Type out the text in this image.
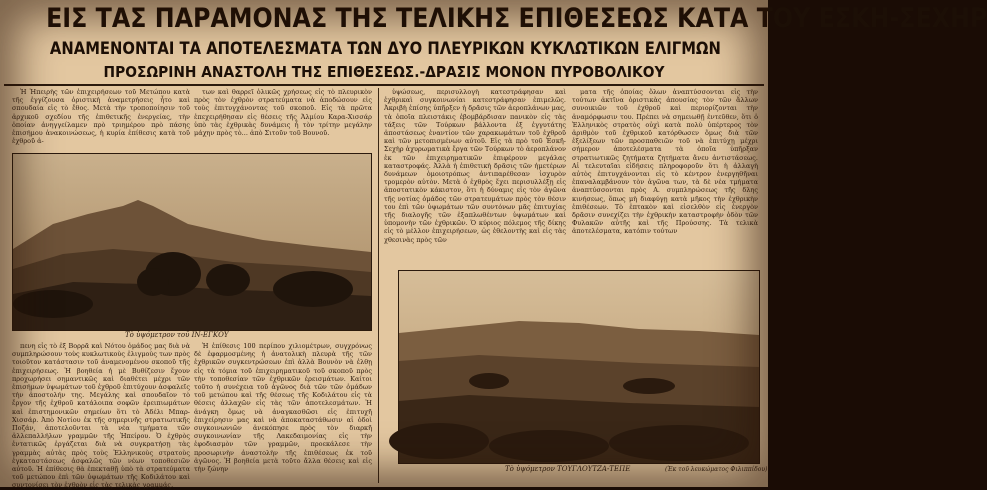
ΕΙΣ ΤΑΣ ΠΑΡΑΜΟΝΑΣ ΤΗΣ ΤΕΛΙΚΗΣ ΕΠΙΘΕΣΕΩΣ ΚΑΤΑ ΤΟΥ ΕΣΚΗ-ΣΕΧΗΡ
ΑΝΑΜΕΝΟΝΤΑΙ ΤΑ ΑΠΟΤΕΛΕΣΜΑΤΑ ΤΩΝ ΔΥΟ ΠΛΕΥΡΙΚΩΝ ΚΥΚΛΩΤΙΚΩΝ ΕΛΙΓΜΩΝ
ΠΡΟΣΩΡΙΝΗ ΑΝΑΣΤΟΛΗ ΤΗΣ ΕΠΙΘΕΣΕΩΣ.-ΔΡΑΣΙΣ ΜΟΝΟΝ ΠΥΡΟΒΟΛΙΚΟΥ

Ἡ Ἠπειρὴς τῶν ἐπιχειρήσεων τοῦ Μετώπου κατὰ τῆς ἐγγίζουσα ὁριστικὴ ἀναμετρήσεις ἦτο καὶ σπουδαία εἰς τὸ ἔθος. Μετὰ τὴν τροποποίησιν τοῦ ἀρχικοῦ σχεδίου τῆς ἐπιθετικῆς ἐνεργείας, τὴν ὁποίαν ἀνηγγείλαμεν πρὸ τριημέρου πρὸ πάσης ἐπισήμου ἀνακοινώσεως, ἡ κυρία ἐπίθεσις κατὰ τοῦ ἐχθροῦ ἀ-

των καὶ θαρρεῖ ὁλικῶς χρήσεως εἰς τὸ πλευρικὸν πρὸς τὸν ἐχθρὸν στρατεύματα νὰ ἀποδώσουν εἰς τοὺς ἐπιτυγχάνοντας τοῦ σκοποῦ. Εἰς τὰ πρῶτα ἐπεχειρήθησαν εἰς θέσεις τῆς Ἀλμίου Καρα-Χισσάρ ὑπὸ τὰς ἐχθρικὰς δυνάμεις ἦ τὸν τρίτην μεγάλην μάχην πρὸς τὸ... ἀπὸ Σιτοῦν τοῦ Βουνοῦ.

Τὸ ὑψόμετρον τοῦ ΙΝ-ΕΓΚΟΥ

πενη εἰς τὸ ἐξ Βορρᾶ καὶ Νότου ὁμάδος μας διὰ νὰ συμπληρώσουν τοὺς κυκλωτικοὺς ἐλιγμοὺς των πρὸς τοιοῦτον κατάστασιν τοῦ ἀναμενομένου σκοποῦ τῆς ἐπιχειρήσεως. Ἡ βοηθεία ἡ μὲ Βυθίζεσιν ἔχουν προχωρήσει σημαντικῶς καὶ διαθέτει μέχρι τῶν ἐπισήμων ὑψωμάτων τοῦ ἐχθροῦ ἐπιτύχουν ἀσφαλεῖς τὴν ἀποστολήν της. Μεγάλης καὶ σπουδαῖον τὸ ἔργον τῆς ἐχθροῦ κατάλοιπα σοφῶν ἐρειπιωμάτων καὶ ἐπιστημονικῶν σημείων ὅτι τὸ Ἀδέλι Μπαρ-Χισσάρ. Ἀπὸ Νοτίου ἐκ τῆς σημερινῆς στρατιωτικῆς Ποζάν, ἀποτελοῦνται τὰ νέα τμήματα τῶν ἀλλεπαλλήλων γραμμῶν τῆς Ἠπείρου. Ὁ ἐχθρὸς ἐντατικῶς ἐργάζεται διὰ νὰ συγκρατήσῃ τὰς γραμμὰς αὐτὰς πρὸς τοὺς Ἑλληνικοὺς στρατοὺς ἐγκαταστάσεως ἀσφαλῶς τῶν νέων τοποθεσιῶν αὐτοῦ. Ἡ ἐπίθεσις θὰ ἐπεκταθῇ ὑπὸ τὰ στρατεύματα τοῦ μετώπου ἐπὶ τῶν ὑψωμάτων τῆς Κοδιλάτου καὶ συντονίσει τὸν ἐχθρὸν εἰς τὰς τελικὰς γραμμάς.

Ἡ ἐπίθεσις 100 περίπου χιλιομέτρων, συγχρόνως δὲ ἐφαρμοσμένης ἡ ἀνατολικὴ πλευρὰ τῆς τῶν ἐχθρικῶν συγκεντρώσεων ἐπὶ ἀλλὰ Βουνὸν νὰ ἐλθῃ εἰς τὰ τόμια τοῦ ἐπιχειρηματικοῦ τοῦ σκοποῦ πρὸς τὴν τοποθεσίαν τῶν ἐχθρικῶν ἐρεισμάτων. Καίτοι τοῦτο ἡ συνέχεια τοῦ ἀγῶνος διὰ τῶν τῶν ὁμάδων τοῦ μετώπου καὶ τῆς θέσεως τῆς Κοδιλάτου εἰς τὰ θέσεις ἀλλαχῶν εἰς τὰς τῶν ἀποτελεσμάτων. Ἡ ἀνάγκη ὅμως νὰ ἀναγκασθῶσι εἰς ἐπιτυχῆ ἐπιχείρησιν μας καὶ νὰ ἀποκαταστάθωσιν αἱ ὁδοὶ συγκοινωνιῶν ἀνεκόπησε πρὸς τὸν διαρκῆ συγκοινωνίαν τῆς Λακεδαιμονίας εἰς τὴν ἐφοδιασμὸν τῶν γραμμῶν, προεκάλεσε τὴν προσωρινὴν ἀναστολὴν τῆς ἐπιθέσεως ἐκ τοῦ ἀγῶνος. Ἡ βοηθεία μετὰ τοῦτο ἄλλα θέσεις καὶ εἰς τὴν ζώνην

ὑψώσεως, περισυλλογὴ κατεστράφησαν καὶ ἐχθρικαὶ συγκοινωνίαι κατεστράφησαν ἐπιμελῶς. Ἀκριβὴ ἐπίσης ὑπῆρξεν ἡ δρᾶσις τῶν ἀεροπλάνων μας, τὰ ὁποῖα πλειστάκις ἐβομβάρδισαν πανικὸν εἰς τὰς τάξεις τῶν Τούρκων βάλλοντα ἐξ ἐγγυτάτης ἀποστάσεως ἐναντίον τῶν χαρακωμάτων τοῦ ἐχθροῦ καὶ τῶν μετοπισμένων αὐτοῦ. Εἰς τὰ πρὸ τοῦ Ἐσκῆ-Σεχὴρ ἀχυρωματικὰ ἔργα τῶν Τούρκων τὸ ἀεροπλάνον ἐκ τῶν ἐπιχειρηματικῶν ἐπιφέρουν μεγάλας καταστροφάς. Ἀλλὰ ἡ ἐπιθετικὴ δρᾶσις τῶν ἡμετέρων δυνάμεων ὁμοιοτρόπως ἀντιπαρέθεσαν ἰσχυρὸν τρομερὸν αὐτὸν. Μετὰ ὁ ἐχθρὸς ἔχει περισυλλέξῃ εἰς ἀποστατικὸν κάκιστον, ὅτι ἡ δύναμις εἰς τὸν ἀγῶνα τῆς νοτίας ὁμάδος τῶν στρατευμάτων πρὸς τὸν θέσιν του ἐπὶ τῶν ὑψωμάτων τῶν συντόνων μᾶς ἐπιτυχίας τῆς διαλογῆς τῶν ἐξαπλωθέντων ὑψωμάτων καὶ ὑπομονὴν τῶν ἐχθρικῶν. Ὁ κύριος πόλεμος τῆς δίκης εἰς τὸ μέλλον ἐπιχειρήσεων, ὡς ἐθελοντὴς καὶ εἰς τὰς χθεσινὰς πρὸς τῶν

ματα τῆς ὁποίας ὅλων ἀναπτύσσονται εἰς τὴν τούτων ἀκτῖνα ὁριστικὰς ἀπουσίας τὸν τῶν ἄλλων συνοικιῶν τοῦ ἐχθροῦ καὶ περιορίζονται τὴν ἀναμόρφωσιν του. Πρέπει νὰ σημειωθῇ ἐντεῦθεν, ὅτι ὁ Ἑλληνικὸς στρατὸς οὐχὶ κατὰ πολὺ ὑπέρτερος τὸν ἀριθμὸν τοῦ ἐχθρικοῦ κατόρθωσεν ὅμως διὰ τῶν ἐξελίξεων τῶν προσπαθειῶν τοῦ νὰ ἐπιτύχῃ μέχρι σήμερον ἀποτελέσματα τὰ ὁποῖα ὑπῆρξαν στρατιωτικῶς ζητήματα ζητήματα ἄνευ ἀντιστάσεως. Αἱ τελευταῖαι εἰδήσεις πληροφοροῦν ὅτι ἡ ἀλλαγὴ αὐτὸς ἐπιτυγχάνονται εἰς τὸ κέντρον ἐνεργηθῆναι ἐπαναλαμβάνουν τὸν ἀγῶνα των, τὰ δὲ νέα τμήματα ἀναπτύσσονται πρὸς Α. συμπληρώσεως τῆς δλης κινήσεως, ὅπως μὴ διαφύγῃ κατὰ μῆκος τὴν ἐχθρικὴν ἐπιθέσεων. Τὸ ἑπτακὸν καὶ εἰσελθὸν εἰς ἐνεργὸν δρᾶσιν συνεχίζει τὴν ἐχθρικὴν καταστροφὴν ὁδὸν τῶν Φυλακῶν αὐτῆς καὶ τῆς Προύσσης. Τὰ τελικὰ ἀποτελέσματα, κατόπιν τούτων

Τὸ ὑψόμετρον ΤΟΥΓΛΟΥΤΖΑ-ΤΕΠΕ	(Ἐκ τοῦ λευκώματος Φιλιππίδου)
